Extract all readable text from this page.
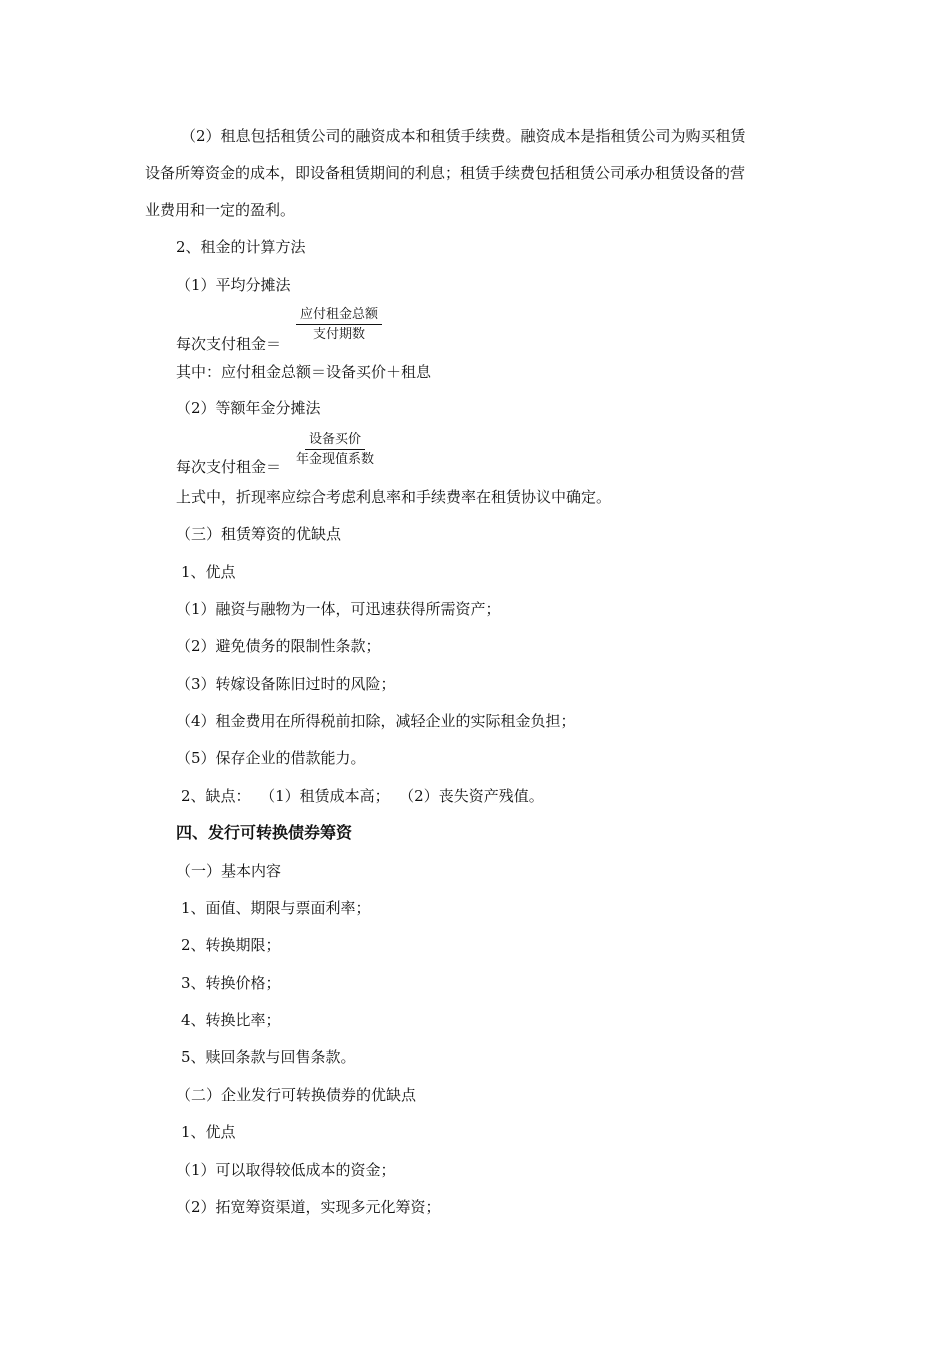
（2）租息包括租赁公司的融资成本和租赁手续费。融资成本是指租赁公司为购买租赁
设备所筹资金的成本，即设备租赁期间的利息；租赁手续费包括租赁公司承办租赁设备的营
业费用和一定的盈利。
2、租金的计算方法
（1）平均分摊法
每次支付租金＝
应付租金总额
支付期数
其中：应付租金总额＝设备买价＋租息
（2）等额年金分摊法
每次支付租金＝
设备买价
年金现值系数
上式中，折现率应综合考虑利息率和手续费率在租赁协议中确定。
（三）租赁筹资的优缺点
1、优点
（1）融资与融物为一体，可迅速获得所需资产；
（2）避免债务的限制性条款；
（3）转嫁设备陈旧过时的风险；
（4）租金费用在所得税前扣除，减轻企业的实际租金负担；
（5）保存企业的借款能力。
2、缺点：  （1）租赁成本高；  （2）丧失资产残值。
四、发行可转换债券筹资
（一）基本内容
1、面值、期限与票面利率；
2、转换期限；
3、转换价格；
4、转换比率；
5、赎回条款与回售条款。
（二）企业发行可转换债券的优缺点
1、优点
（1）可以取得较低成本的资金；
（2）拓宽筹资渠道，实现多元化筹资；
